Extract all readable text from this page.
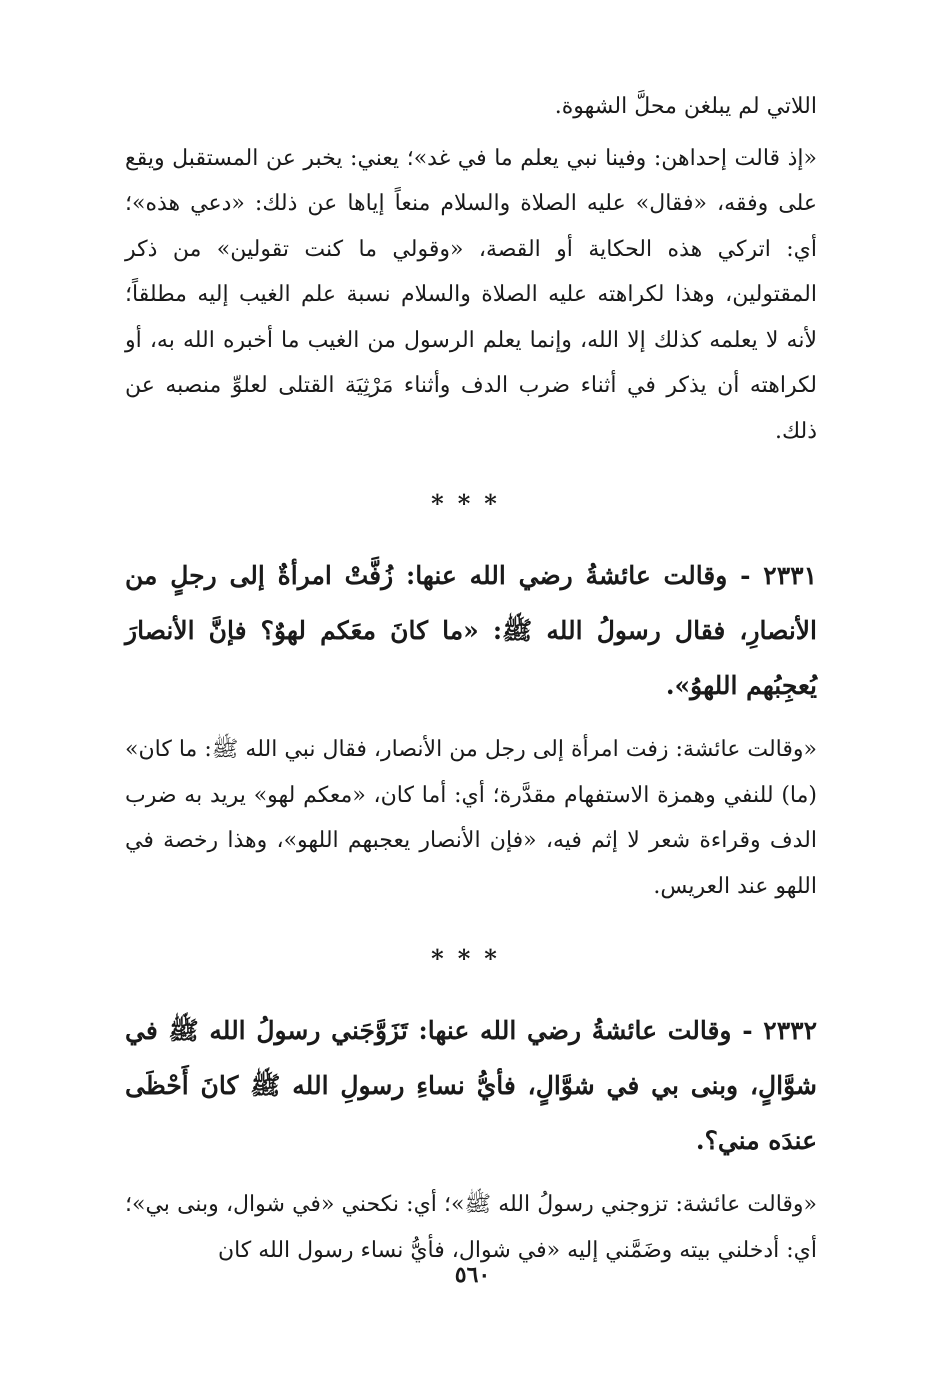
اللاتي لم يبلغن محلَّ الشهوة.

«إذ قالت إحداهن: وفينا نبي يعلم ما في غد»؛ يعني: يخبر عن المستقبل ويقع على وفقه، «فقال» عليه الصلاة والسلام منعاً إياها عن ذلك: «دعي هذه»؛ أي: اتركي هذه الحكاية أو القصة، «وقولي ما كنت تقولين» من ذكر المقتولين، وهذا لكراهته عليه الصلاة والسلام نسبة علم الغيب إليه مطلقاً؛ لأنه لا يعلمه كذلك إلا الله، وإنما يعلم الرسول من الغيب ما أخبره الله به، أو لكراهته أن يذكر في أثناء ضرب الدف وأثناء مَرْثِيَة القتلى لعلوِّ منصبه عن ذلك.

***

٢٣٣١ - وقالت عائشةُ رضي الله عنها: زُفَّتْ امرأةٌ إلى رجلٍ من الأنصارِ، فقال رسولُ الله ﷺ: «ما كانَ معَكم لهوٌ؟ فإنَّ الأنصارَ يُعجِبُهم اللهوُ».

«وقالت عائشة: زفت امرأة إلى رجل من الأنصار، فقال نبي الله ﷺ: ما كان» (ما) للنفي وهمزة الاستفهام مقدَّرة؛ أي: أما كان، «معكم لهو» يريد به ضرب الدف وقراءة شعر لا إثم فيه، «فإن الأنصار يعجبهم اللهو»، وهذا رخصة في اللهو عند العريس.

***

٢٣٣٢ - وقالت عائشةُ رضي الله عنها: تَزَوَّجَني رسولُ الله ﷺ في شوَّالٍ، وبنى بي في شوَّالٍ، فأيُّ نساءِ رسولِ الله ﷺ كانَ أَحْظَى عندَه مني؟.

«وقالت عائشة: تزوجني رسولُ الله ﷺ»؛ أي: نكحني «في شوال، وبنى بي»؛ أي: أدخلني بيته وضَمَّني إليه «في شوال، فأيُّ نساء رسول الله كان

٥٦٠
